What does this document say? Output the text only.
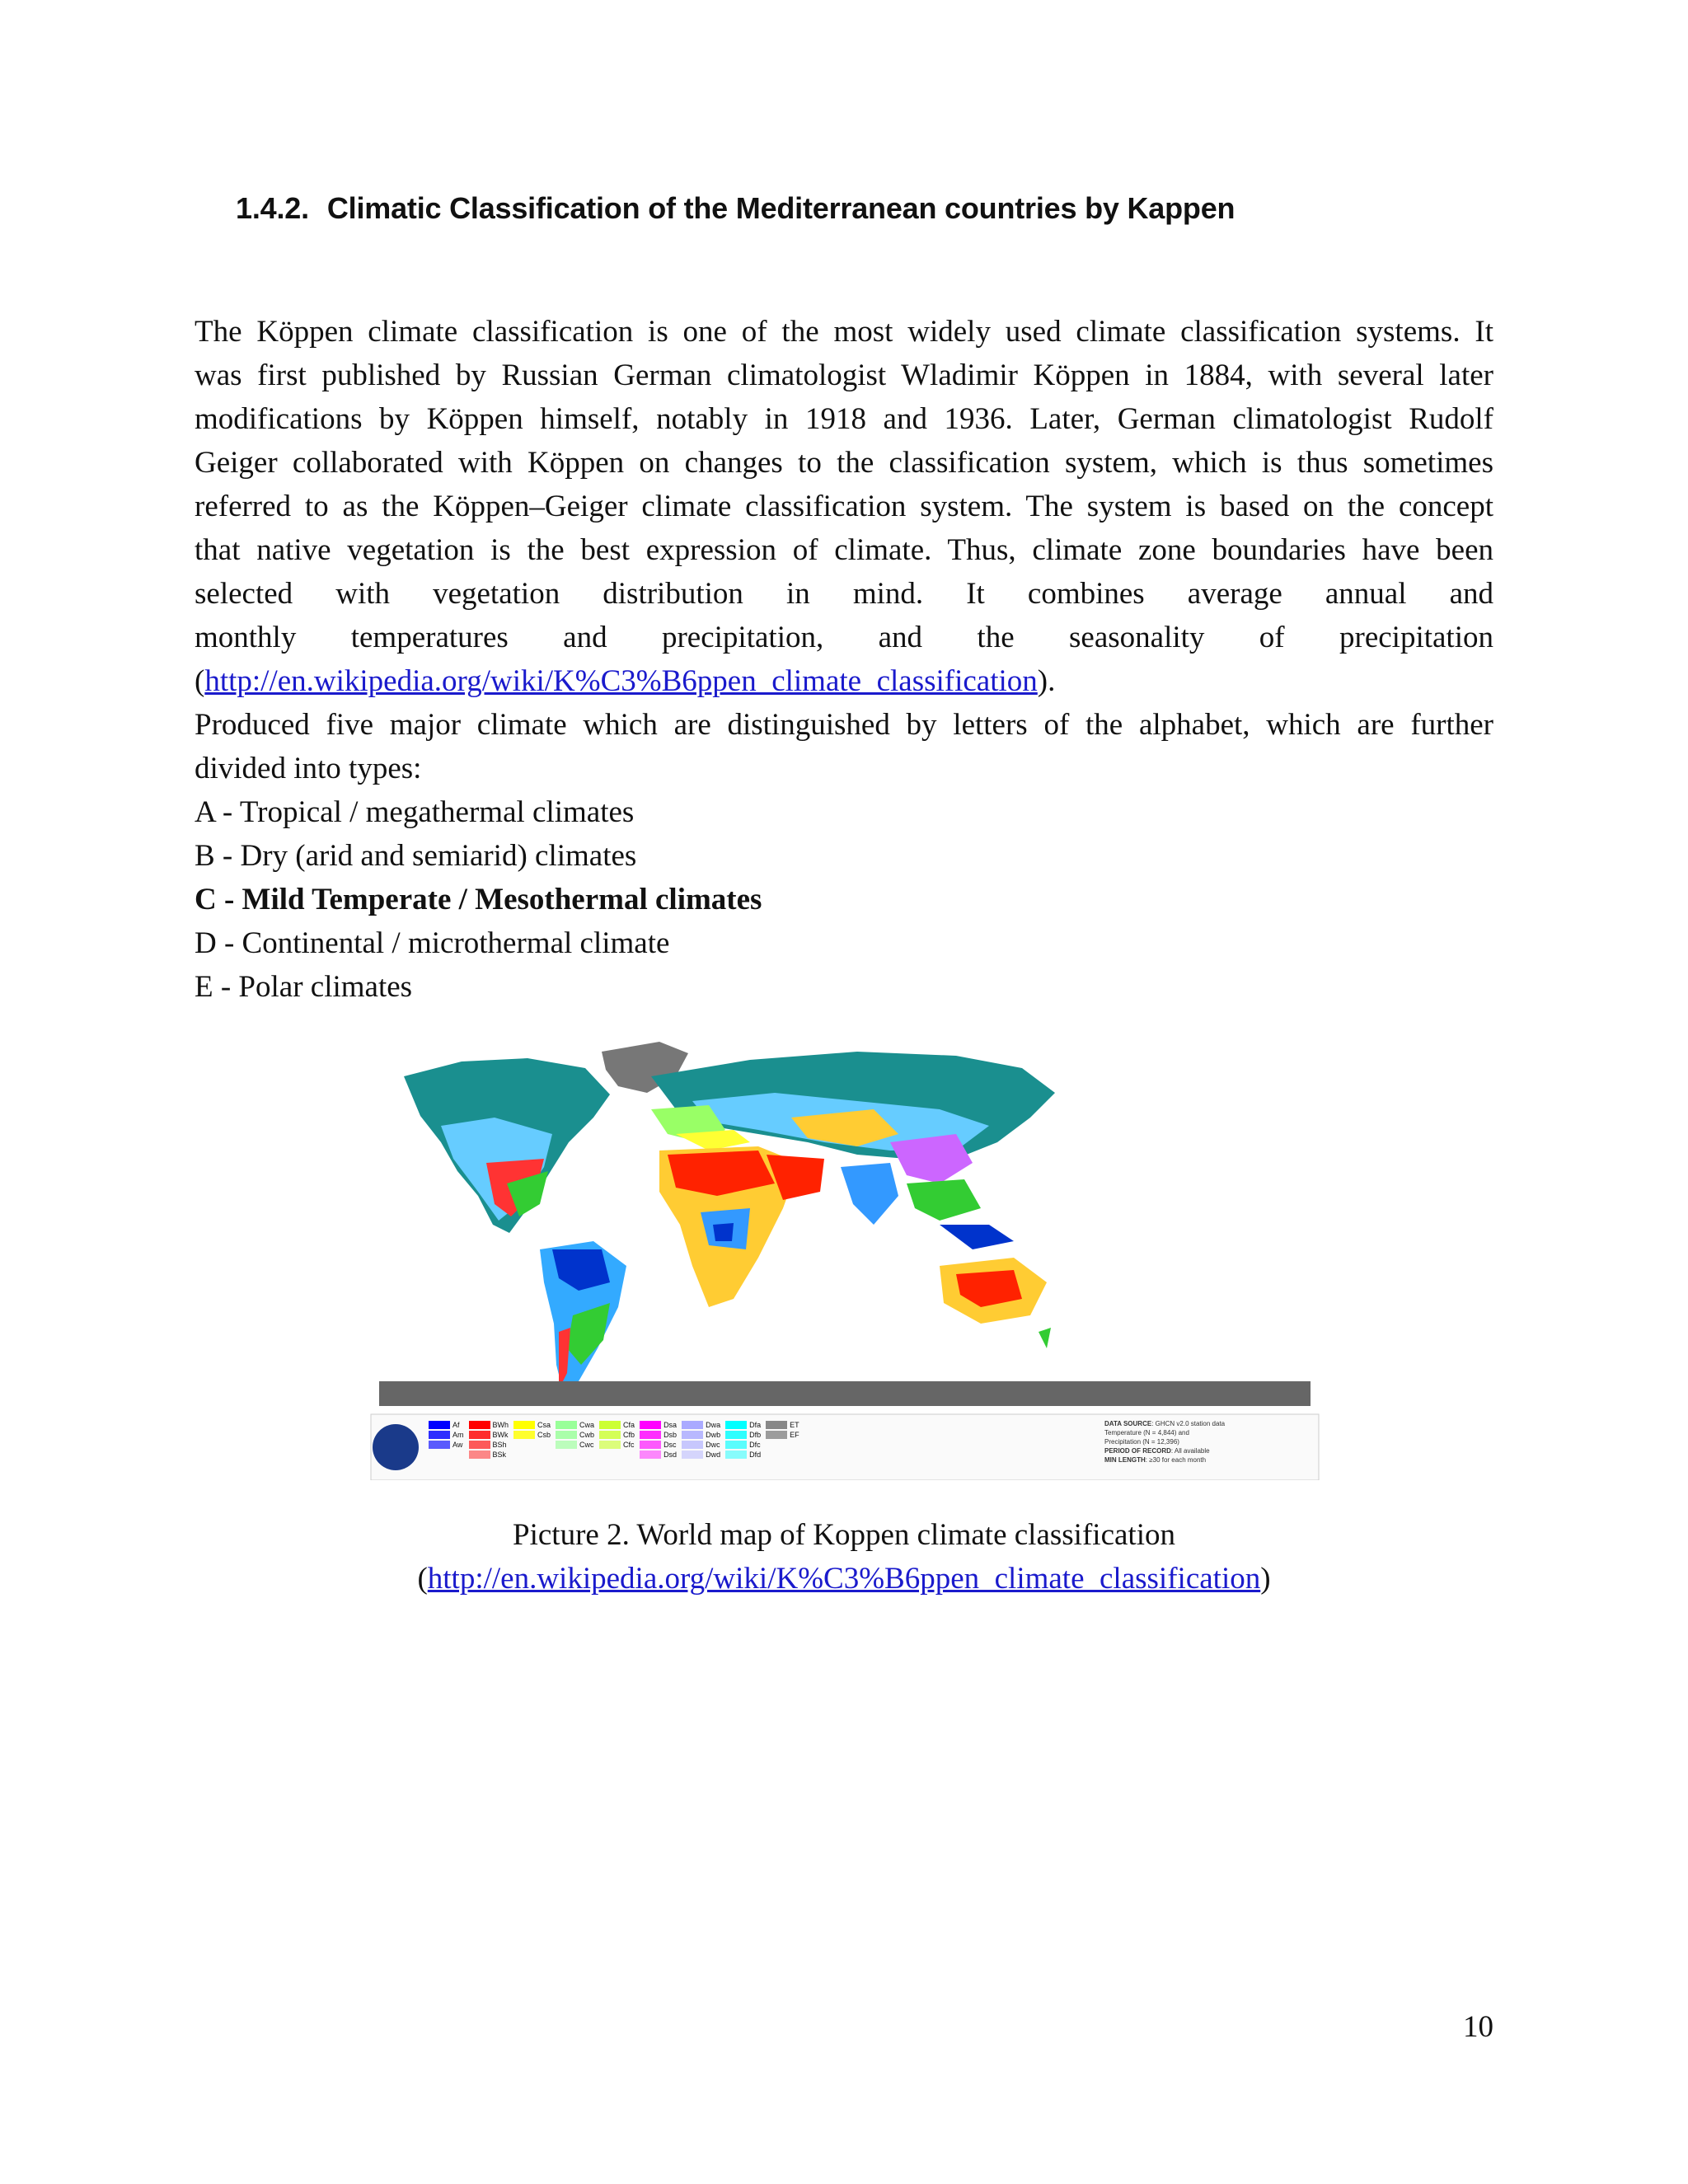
1.4.2. Climatic Classification of the Mediterranean countries by Kappen

The Köppen climate classification is one of the most widely used climate classification systems. It

was first published by Russian German climatologist Wladimir Köppen in 1884, with several later

modifications by Köppen himself, notably in 1918 and 1936. Later, German climatologist Rudolf

Geiger collaborated with Köppen on changes to the classification system, which is thus sometimes

referred to as the Köppen–Geiger climate classification system. The system is based on the concept

that native vegetation is the best expression of climate. Thus, climate zone boundaries have been

selected with vegetation distribution in mind. It combines average annual and

monthly temperatures and precipitation, and the seasonality of precipitation

(http://en.wikipedia.org/wiki/K%C3%B6ppen_climate_classification).

Produced five major climate which are distinguished by letters of the alphabet, which are further

divided into types:

A - Tropical / megathermal climates

B - Dry (arid and semiarid) climates

C - Mild Temperate / Mesothermal climates

D - Continental / microthermal climate

E - Polar climates

Af
Am
Aw
BWh
BWk
BSh
BSk
Csa
Csb
Cwa
Cwb
Cwc
Cfa
Cfb
Cfc
Dsa
Dsb
Dsc
Dsd
Dwa
Dwb
Dwc
Dwd
Dfa
Dfb
Dfc
Dfd
ET
EF
DATA SOURCE: GHCN v2.0 station data
Temperature (N = 4,844) and
Precipitation (N = 12,396)
PERIOD OF RECORD: All available
MIN LENGTH: ≥30 for each month
Picture 2. World map of Koppen climate classification
(http://en.wikipedia.org/wiki/K%C3%B6ppen_climate_classification)
10
